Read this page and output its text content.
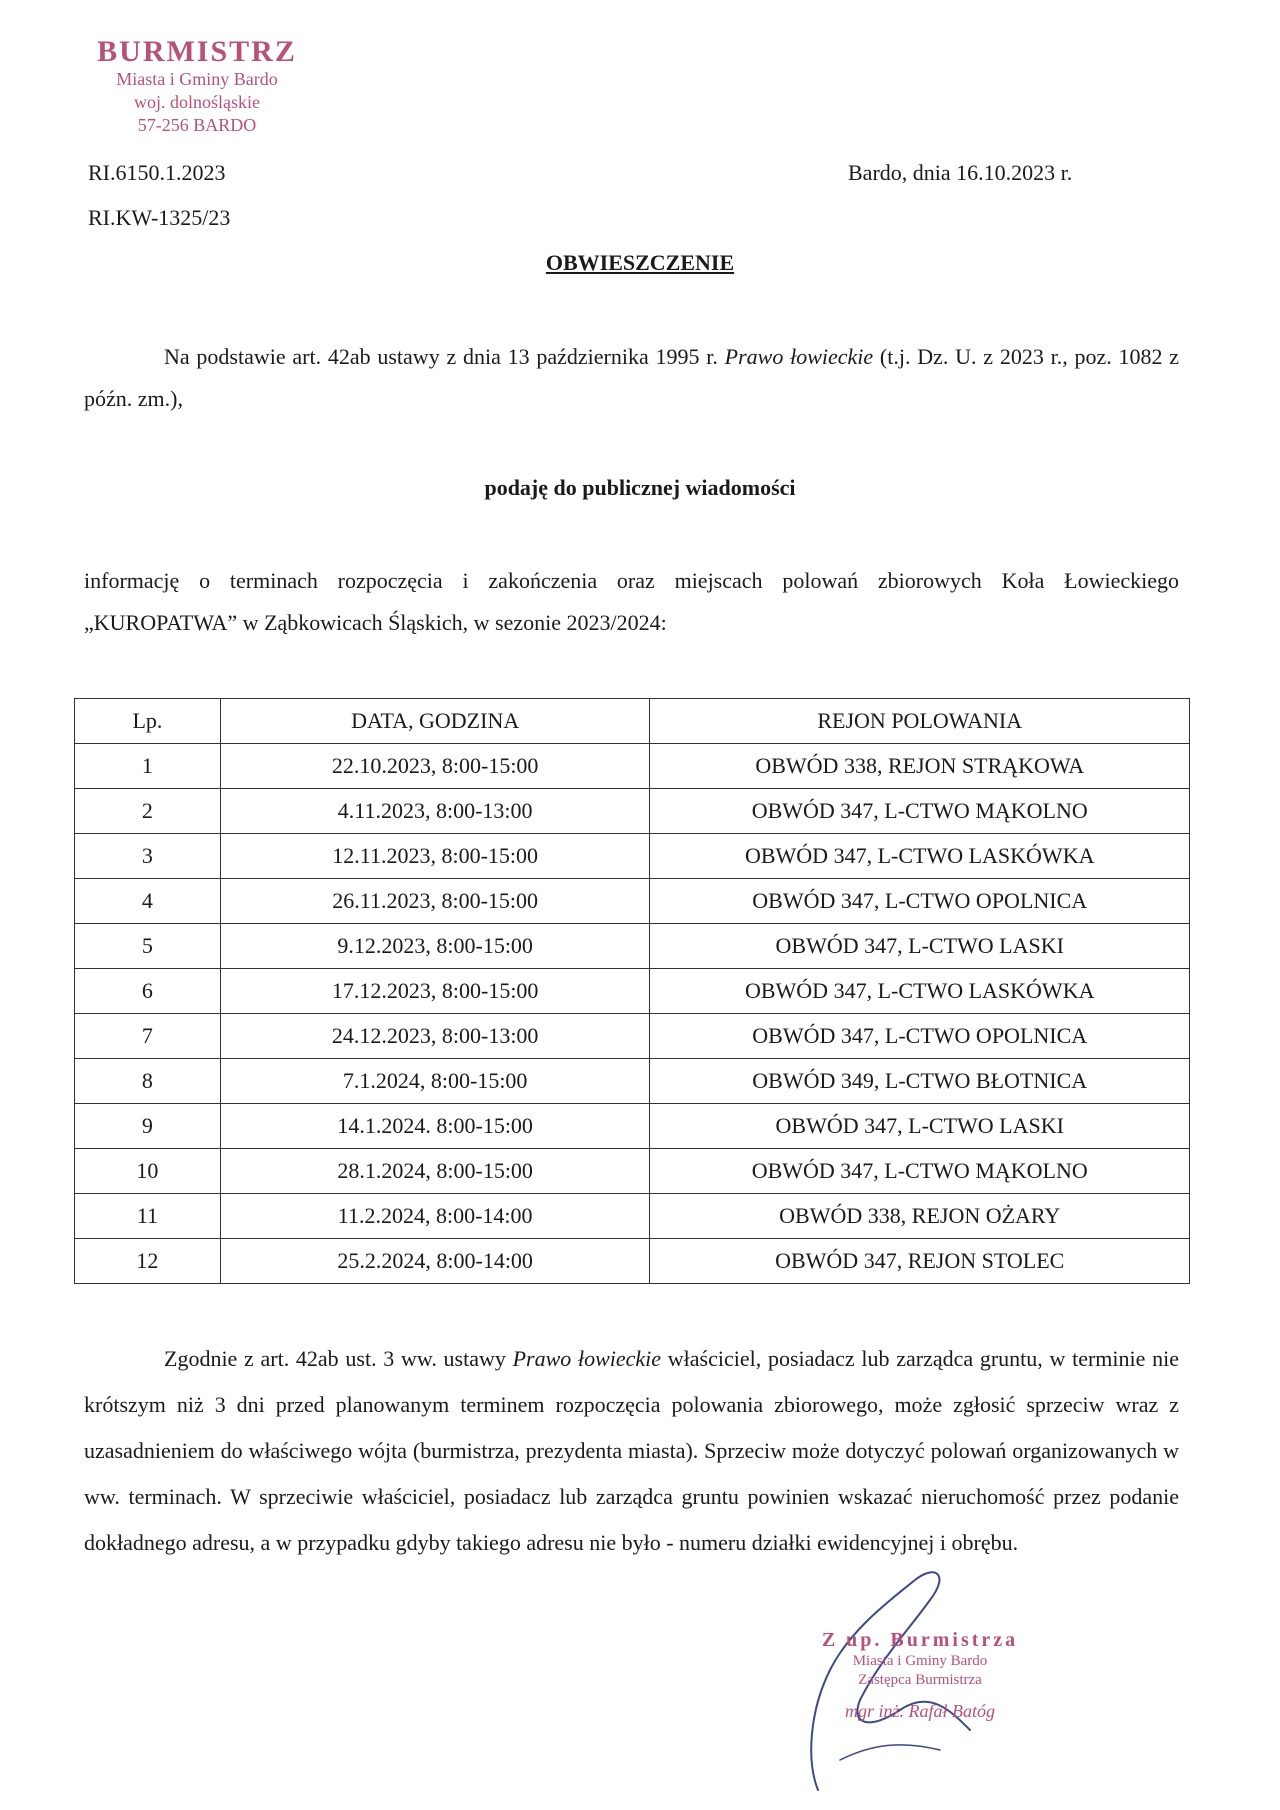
BURMISTRZ
Miasta i Gminy Bardo
woj. dolnośląskie
57-256 BARDO
RI.6150.1.2023
RI.KW-1325/23
Bardo, dnia 16.10.2023 r.
OBWIESZCZENIE
Na podstawie art. 42ab ustawy z dnia 13 października 1995 r. Prawo łowieckie (t.j. Dz. U. z 2023 r., poz. 1082 z późn. zm.),
podaję do publicznej wiadomości
informację o terminach rozpoczęcia i zakończenia oraz miejscach polowań zbiorowych Koła Łowieckiego „KUROPATWA” w Ząbkowicach Śląskich, w sezonie 2023/2024:
Lp.	DATA, GODZINA	REJON POLOWANIA
1	22.10.2023, 8:00-15:00	OBWÓD 338, REJON STRĄKOWA
2	4.11.2023, 8:00-13:00	OBWÓD 347, L-CTWO MĄKOLNO
3	12.11.2023, 8:00-15:00	OBWÓD 347, L-CTWO LASKÓWKA
4	26.11.2023, 8:00-15:00	OBWÓD 347, L-CTWO OPOLNICA
5	9.12.2023, 8:00-15:00	OBWÓD 347, L-CTWO LASKI
6	17.12.2023, 8:00-15:00	OBWÓD 347, L-CTWO LASKÓWKA
7	24.12.2023, 8:00-13:00	OBWÓD 347, L-CTWO OPOLNICA
8	7.1.2024, 8:00-15:00	OBWÓD 349, L-CTWO BŁOTNICA
9	14.1.2024. 8:00-15:00	OBWÓD 347, L-CTWO LASKI
10	28.1.2024, 8:00-15:00	OBWÓD 347, L-CTWO MĄKOLNO
11	11.2.2024, 8:00-14:00	OBWÓD 338, REJON OŻARY
12	25.2.2024, 8:00-14:00	OBWÓD 347, REJON STOLEC
Zgodnie z art. 42ab ust. 3 ww. ustawy Prawo łowieckie właściciel, posiadacz lub zarządca gruntu, w terminie nie krótszym niż 3 dni przed planowanym terminem rozpoczęcia polowania zbiorowego, może zgłosić sprzeciw wraz z uzasadnieniem do właściwego wójta (burmistrza, prezydenta miasta). Sprzeciw może dotyczyć polowań organizowanych w ww. terminach. W sprzeciwie właściciel, posiadacz lub zarządca gruntu powinien wskazać nieruchomość przez podanie dokładnego adresu, a w przypadku gdyby takiego adresu nie było - numeru działki ewidencyjnej i obrębu.
Z up. Burmistrza
Miasta i Gminy Bardo
Zastępca Burmistrza
mgr inż. Rafał Batóg
